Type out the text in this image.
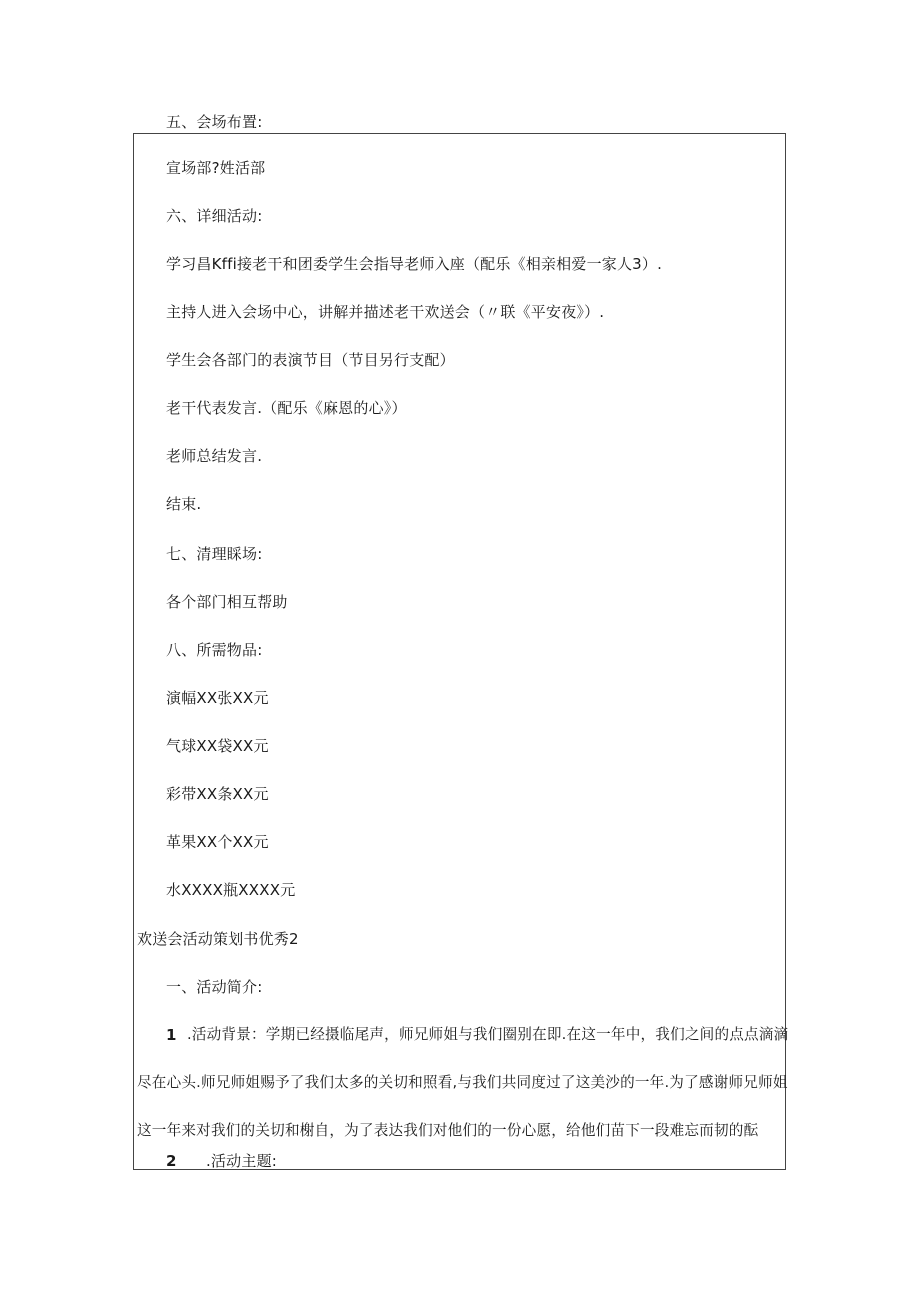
五、会场布置:
宣场部?姓活部
六、详细活动:
学习昌Kffi接老干和团委学生会指导老师入座（配乐《相亲相爱一家人3）.
主持人进入会场中心，讲解并描述老干欢送会（〃联《平安夜》）.
学生会各部门的表演节目（节目另行支配）
老干代表发言.（配乐《麻恩的心》）
老师总结发言.
结束.
七、清理睬场:
各个部门相互帮助
八、所需物品:
演幅XX张XX元
气球XX袋XX元
彩带XX条XX元
革果XX个XX元
水XXXX瓶XXXX元
欢送会活动策划书优秀2
一、活动简介:
1 .活动背景：学期已经摄临尾声，师兄师姐与我们圈别在即.在这一年中，我们之间的点点滴滴
尽在心头.师兄师姐赐予了我们太多的关切和照看,与我们共同度过了这美沙的一年.为了感谢师兄师姐
这一年来对我们的关切和榭自，为了表达我们对他们的一份心愿，给他们苗下一段难忘而韧的酝
2 .活动主题:
